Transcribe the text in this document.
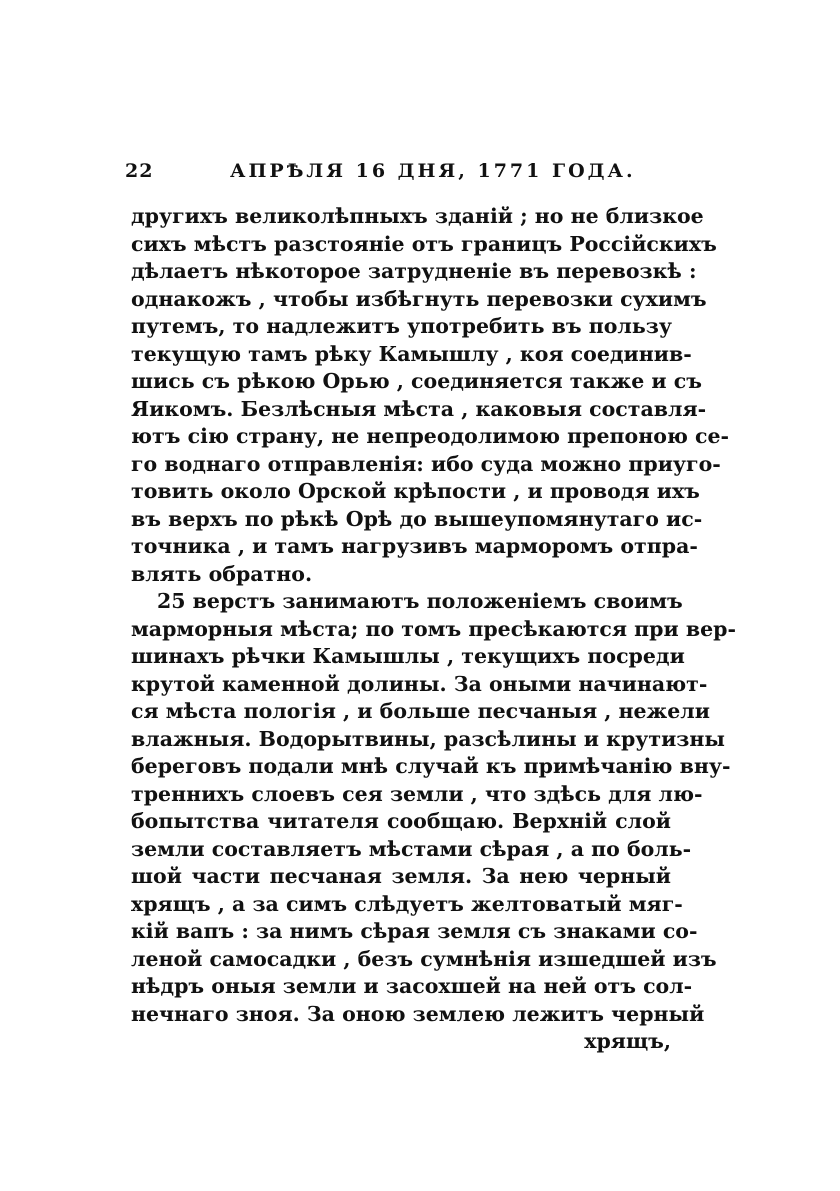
22	АПРѢЛЯ 16 ДНЯ, 1771 ГОДА.
другихъ великолѣпныхъ зданій ; но не близкое
сихъ мѣстъ разстояніе отъ границъ Россійскихъ
дѣлаетъ нѣкоторое затрудненіе въ перевозкѣ :
однакожъ , чтобы избѣгнуть перевозки сухимъ
путемъ, то надлежитъ употребить въ пользу
текущую тамъ рѣку Камышлу , коя соединив-
шись съ рѣкою Орью , соединяется также и съ
Яикомъ. Безлѣсныя мѣста , каковыя составля-
ютъ сію страну, не непреодолимою препоною се-
го воднаго отправленія: ибо суда можно приуго-
товить около Орской крѣпости , и проводя ихъ
въ верхъ по рѣкѣ Орѣ до вышеупомянутаго ис-
точника , и тамъ нагрузивъ марморомъ отпра-
влять обратно.
25 верстъ занимаютъ положеніемъ своимъ
марморныя мѣста; по томъ пресѣкаются при вер-
шинахъ рѣчки Камышлы , текущихъ посреди
крутой каменной долины. За оными начинают-
ся мѣста пологія , и больше песчаныя , нежели
влажныя. Водорытвины, разсѣлины и крутизны
береговъ подали мнѣ случай къ примѣчанію вну-
треннихъ слоевъ сея земли , что здѣсь для лю-
бопытства читателя сообщаю. Верхній слой
земли составляетъ мѣстами сѣрая , а по боль-
шой части песчаная земля. За нею черный
хрящъ , а за симъ слѣдуетъ желтоватый мяг-
кій вапъ : за нимъ сѣрая земля съ знаками со-
леной самосадки , безъ сумнѣнія изшедшей изъ
нѣдръ оныя земли и засохшей на ней отъ сол-
нечнаго зноя. За оною землею лежитъ черный
хрящъ,
